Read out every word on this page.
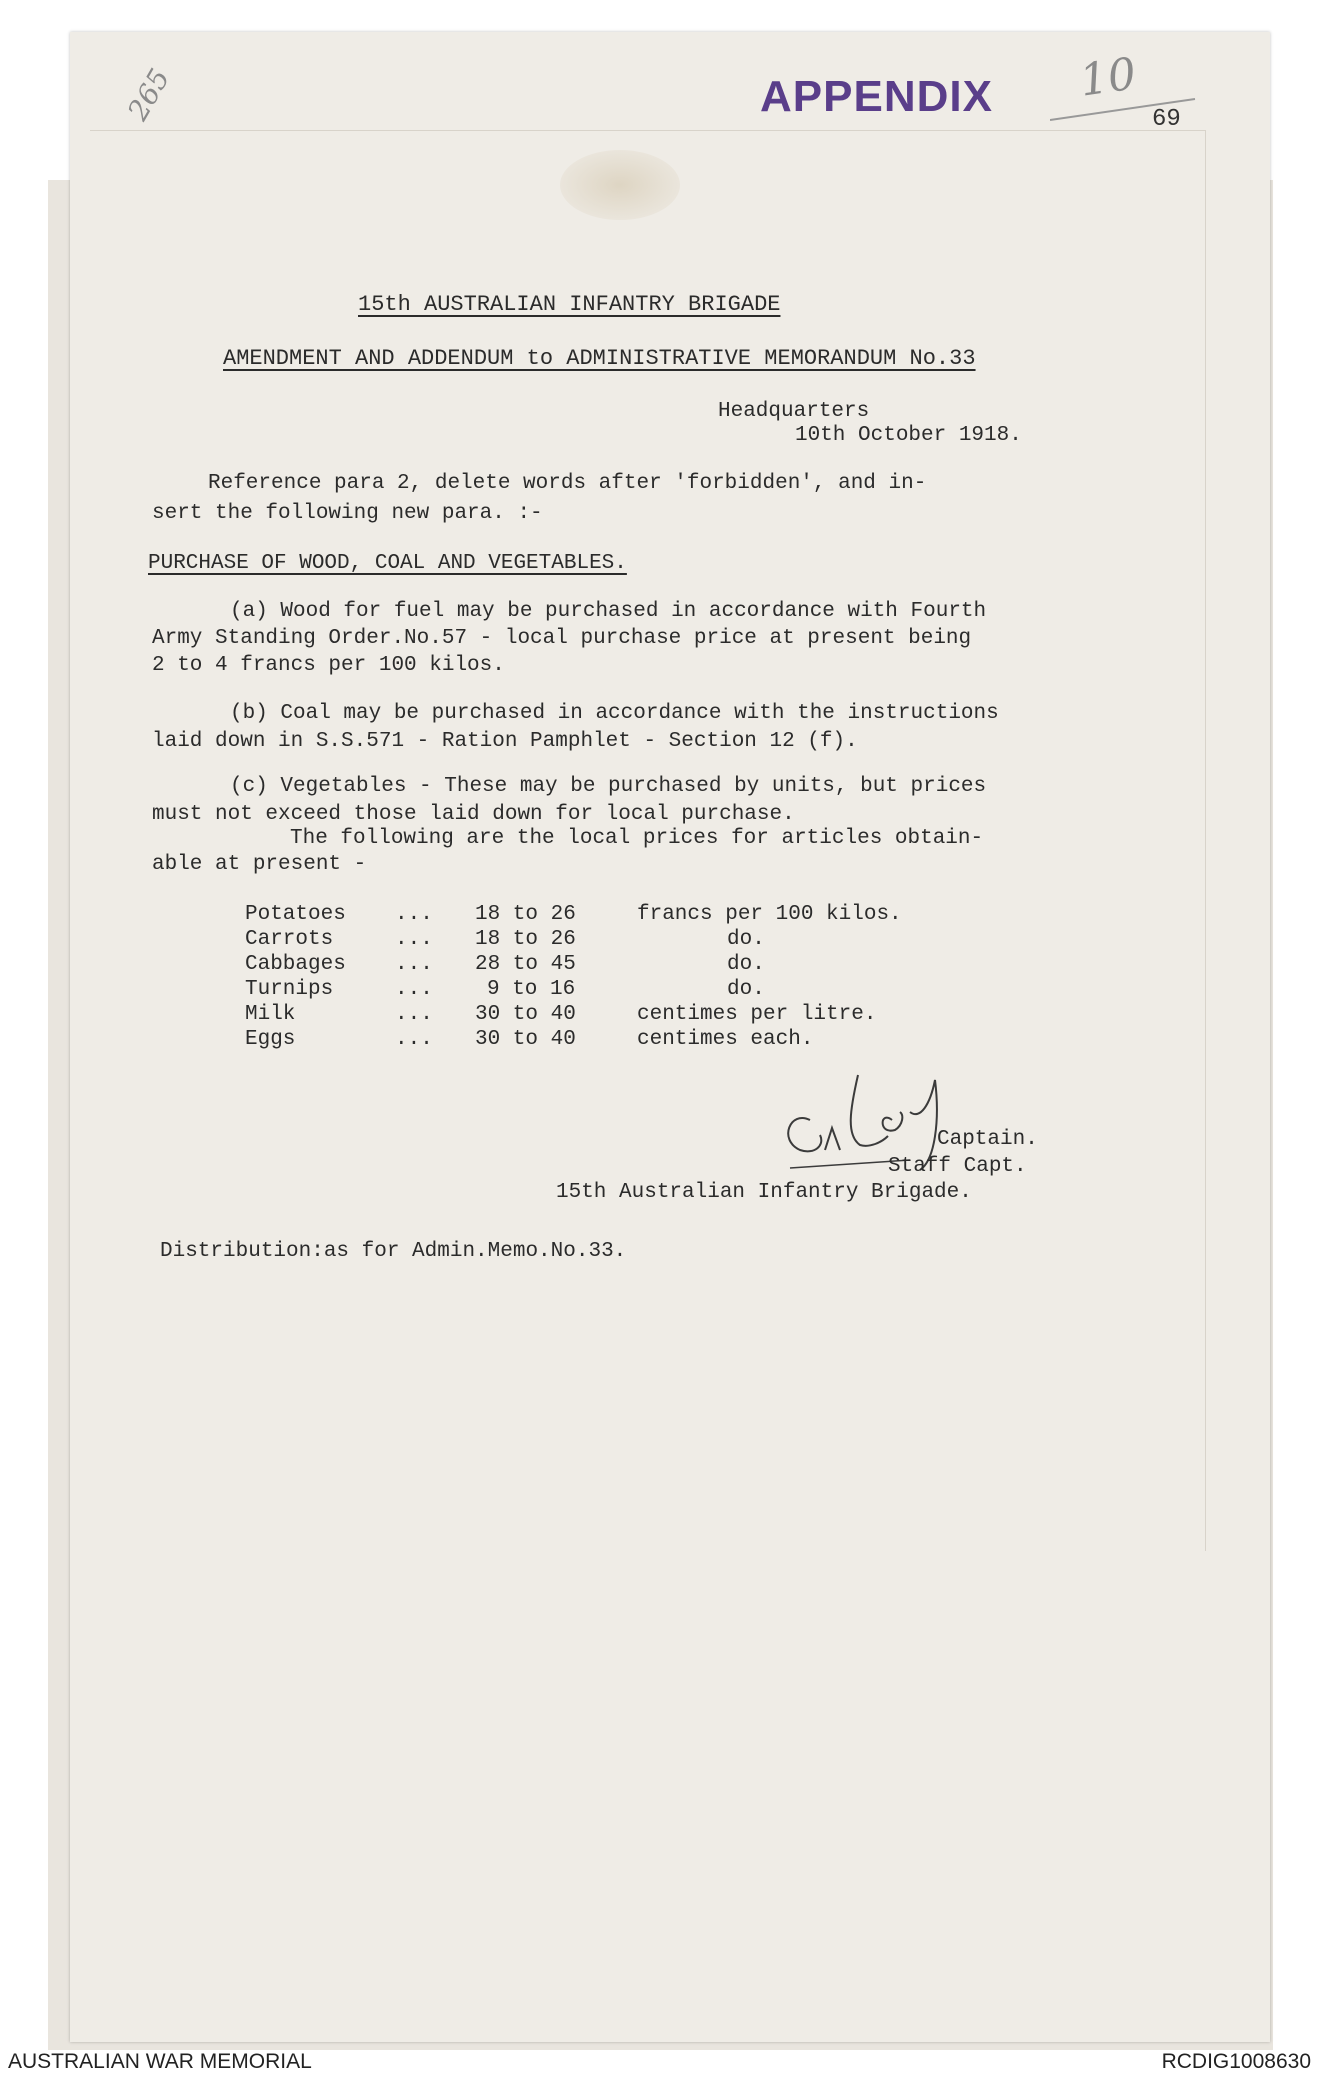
265	10
APPENDIX	69
15th AUSTRALIAN INFANTRY BRIGADE
AMENDMENT AND ADDENDUM to ADMINISTRATIVE MEMORANDUM No.33
Headquarters
10th October 1918.
Reference para 2, delete words after 'forbidden', and in-
sert the following new para. :-
PURCHASE OF WOOD, COAL AND VEGETABLES.
(a) Wood for fuel may be purchased in accordance with Fourth
Army Standing Order.No.57 - local purchase price at present being
2 to 4 francs per 100 kilos.
(b) Coal may be purchased in accordance with the instructions
laid down in S.S.571 - Ration Pamphlet - Section 12 (f).
(c) Vegetables - These may be purchased by units, but prices
must not exceed those laid down for local purchase.
The following are the local prices for articles obtain-
able at present -
Potatoes	...	18 to 26	francs per 100 kilos.
Carrots	...	18 to 26	do.
Cabbages	...	28 to 45	do.
Turnips	...	9 to 16	do.
Milk	...	30 to 40	centimes per litre.
Eggs	...	30 to 40	centimes each.
Captain.
Staff Capt.
15th Australian Infantry Brigade.
Distribution:as for Admin.Memo.No.33.
AUSTRALIAN WAR MEMORIAL	RCDIG1008630
